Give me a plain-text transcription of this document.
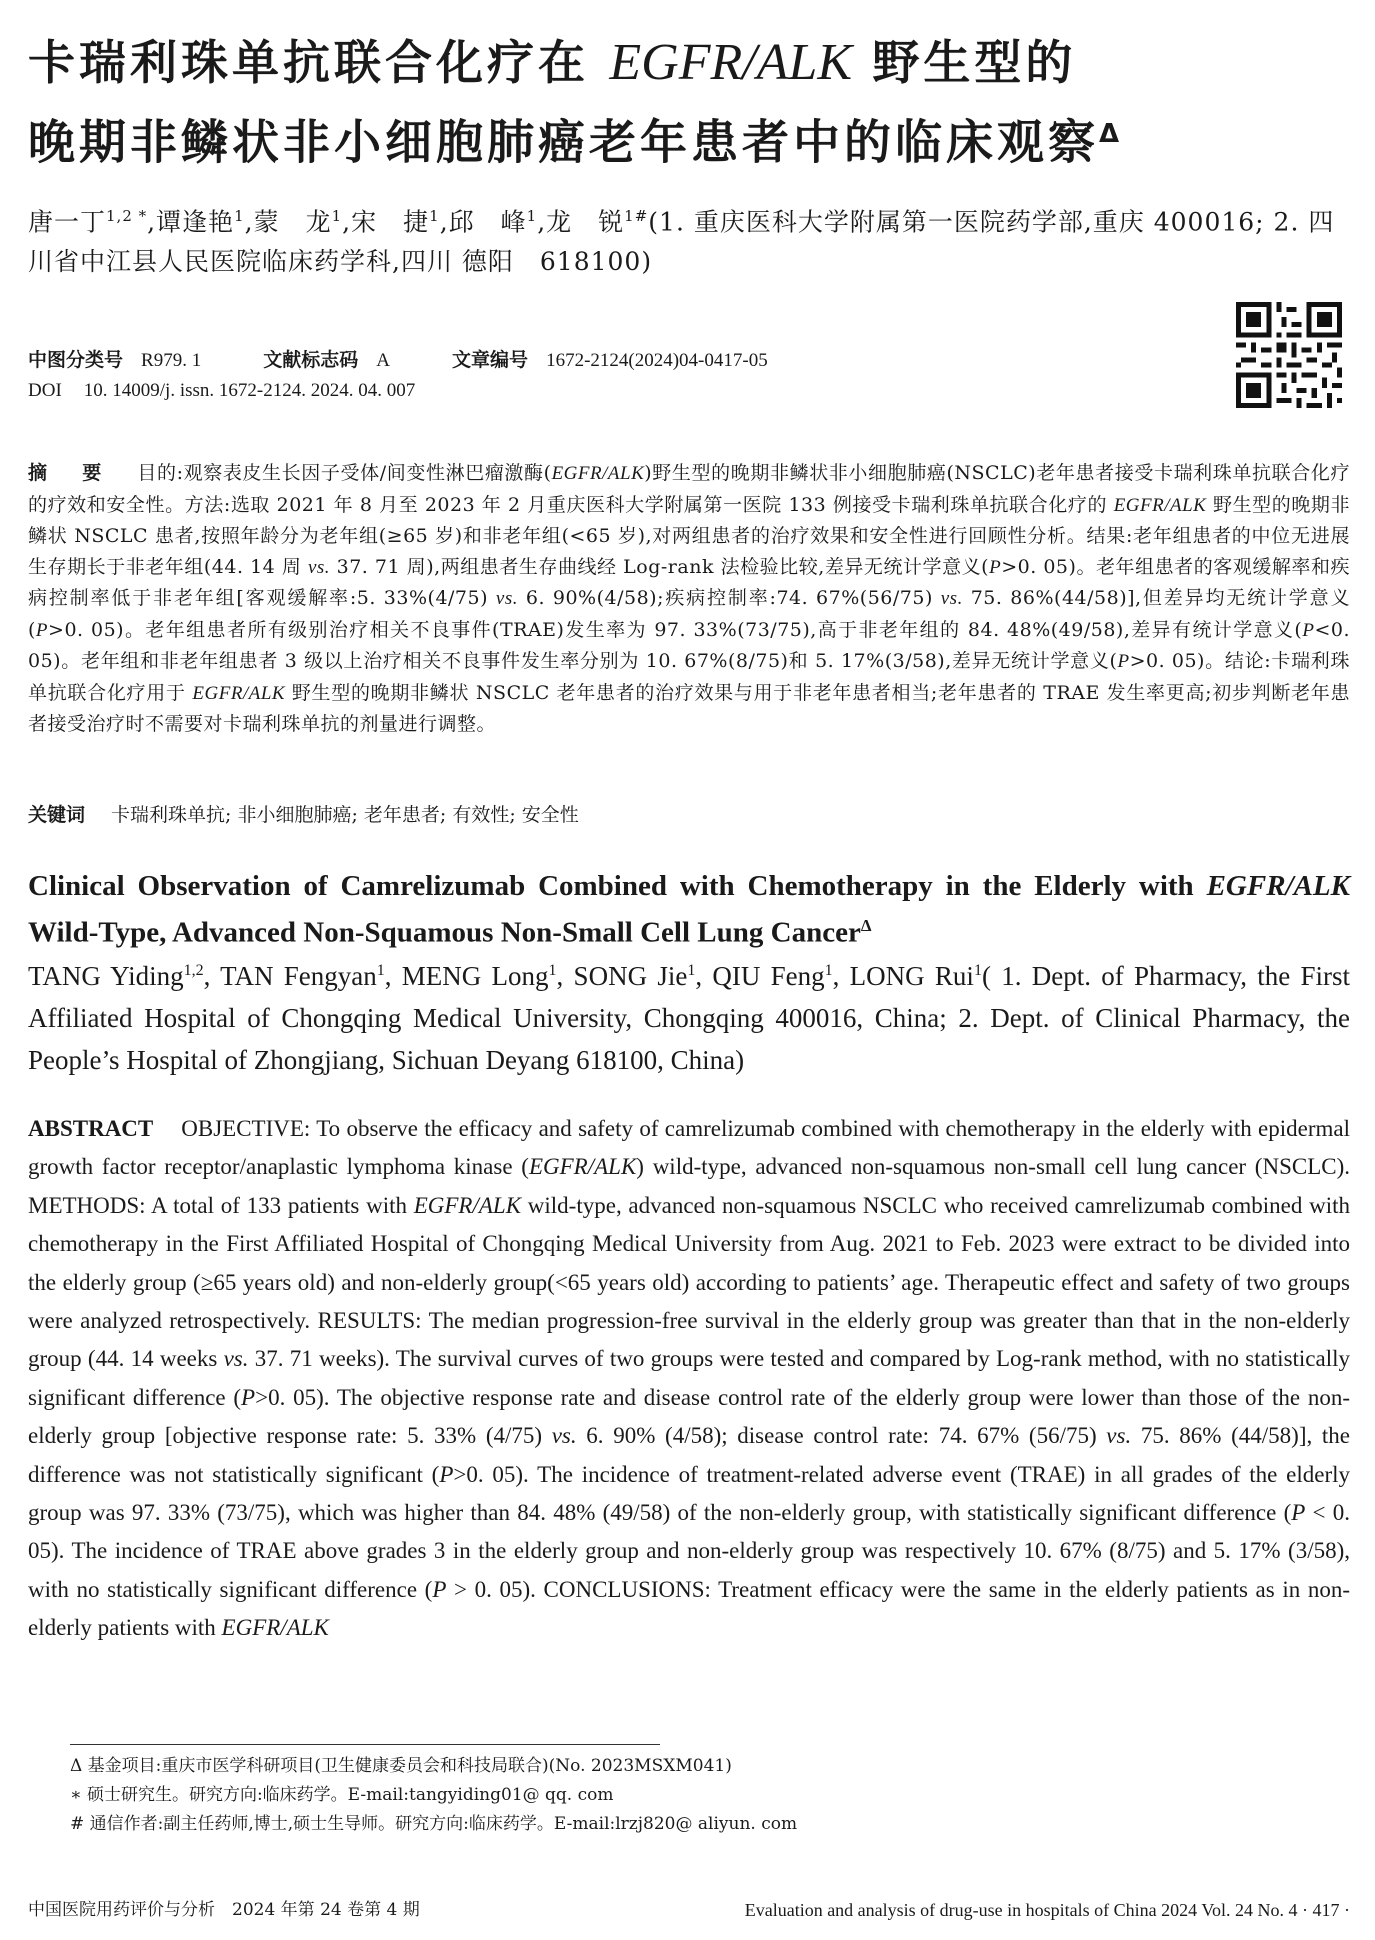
卡瑞利珠单抗联合化疗在 EGFR/ALK 野生型的
晚期非鳞状非小细胞肺癌老年患者中的临床观察$^\Delta$
唐一丁$^{1,2 *}$,谭逢艳$^1$,蒙　龙$^1$,宋　捷$^1$,邱　峰$^1$,龙　锐$^{1\#}$(1. 重庆医科大学附属第一医院药学部,重庆 400016; 2. 四川省中江县人民医院临床药学科,四川 德阳　618100)
中图分类号 R979. 1	文献标志码 A	文章编号 1672-2124(2024)04-0417-05
DOI 10. 14009/j. issn. 1672-2124. 2024. 04. 007
摘　要 目的:观察表皮生长因子受体/间变性淋巴瘤激酶(EGFR/ALK)野生型的晚期非鳞状非小细胞肺癌(NSCLC)老年患者接受卡瑞利珠单抗联合化疗的疗效和安全性。方法:选取 2021 年 8 月至 2023 年 2 月重庆医科大学附属第一医院 133 例接受卡瑞利珠单抗联合化疗的 EGFR/ALK 野生型的晚期非鳞状 NSCLC 患者,按照年龄分为老年组(≥65 岁)和非老年组(<65 岁),对两组患者的治疗效果和安全性进行回顾性分析。结果:老年组患者的中位无进展生存期长于非老年组(44. 14 周 vs. 37. 71 周),两组患者生存曲线经 Log-rank 法检验比较,差异无统计学意义(P>0. 05)。老年组患者的客观缓解率和疾病控制率低于非老年组[客观缓解率:5. 33%(4/75) vs. 6. 90%(4/58);疾病控制率:74. 67%(56/75) vs. 75. 86%(44/58)],但差异均无统计学意义(P>0. 05)。老年组患者所有级别治疗相关不良事件(TRAE)发生率为 97. 33%(73/75),高于非老年组的 84. 48%(49/58),差异有统计学意义(P<0. 05)。老年组和非老年组患者 3 级以上治疗相关不良事件发生率分别为 10. 67%(8/75)和 5. 17%(3/58),差异无统计学意义(P>0. 05)。结论:卡瑞利珠单抗联合化疗用于 EGFR/ALK 野生型的晚期非鳞状 NSCLC 老年患者的治疗效果与用于非老年患者相当;老年患者的 TRAE 发生率更高;初步判断老年患者接受治疗时不需要对卡瑞利珠单抗的剂量进行调整。
关键词 卡瑞利珠单抗; 非小细胞肺癌; 老年患者; 有效性; 安全性
Clinical Observation of Camrelizumab Combined with Chemotherapy in the Elderly with EGFR/ALK Wild-Type, Advanced Non-Squamous Non-Small Cell Lung Cancer$^\Delta$
TANG Yiding$^{1,2}$, TAN Fengyan$^1$, MENG Long$^1$, SONG Jie$^1$, QIU Feng$^1$, LONG Rui$^1$( 1. Dept. of Pharmacy, the First Affiliated Hospital of Chongqing Medical University, Chongqing 400016, China; 2. Dept. of Clinical Pharmacy, the People’s Hospital of Zhongjiang, Sichuan Deyang 618100, China)
ABSTRACT OBJECTIVE: To observe the efficacy and safety of camrelizumab combined with chemotherapy in the elderly with epidermal growth factor receptor/anaplastic lymphoma kinase (EGFR/ALK) wild-type, advanced non-squamous non-small cell lung cancer (NSCLC). METHODS: A total of 133 patients with EGFR/ALK wild-type, advanced non-squamous NSCLC who received camrelizumab combined with chemotherapy in the First Affiliated Hospital of Chongqing Medical University from Aug. 2021 to Feb. 2023 were extract to be divided into the elderly group (≥65 years old) and non-elderly group(<65 years old) according to patients’ age. Therapeutic effect and safety of two groups were analyzed retrospectively. RESULTS: The median progression-free survival in the elderly group was greater than that in the non-elderly group (44. 14 weeks vs. 37. 71 weeks). The survival curves of two groups were tested and compared by Log-rank method, with no statistically significant difference (P>0. 05). The objective response rate and disease control rate of the elderly group were lower than those of the non-elderly group [objective response rate: 5. 33% (4/75) vs. 6. 90% (4/58); disease control rate: 74. 67% (56/75) vs. 75. 86% (44/58)], the difference was not statistically significant (P>0. 05). The incidence of treatment-related adverse event (TRAE) in all grades of the elderly group was 97. 33% (73/75), which was higher than 84. 48% (49/58) of the non-elderly group, with statistically significant difference (P < 0. 05). The incidence of TRAE above grades 3 in the elderly group and non-elderly group was respectively 10. 67% (8/75) and 5. 17% (3/58), with no statistically significant difference (P > 0. 05). CONCLUSIONS: Treatment efficacy were the same in the elderly patients as in non-elderly patients with EGFR/ALK
Δ 基金项目:重庆市医学科研项目(卫生健康委员会和科技局联合)(No. 2023MSXM041)
∗ 硕士研究生。研究方向:临床药学。E-mail:tangyiding01@ qq. com
# 通信作者:副主任药师,博士,硕士生导师。研究方向:临床药学。E-mail:lrzj820@ aliyun. com
中国医院用药评价与分析　2024 年第 24 卷第 4 期	Evaluation and analysis of drug-use in hospitals of China 2024 Vol. 24 No. 4 · 417 ·
